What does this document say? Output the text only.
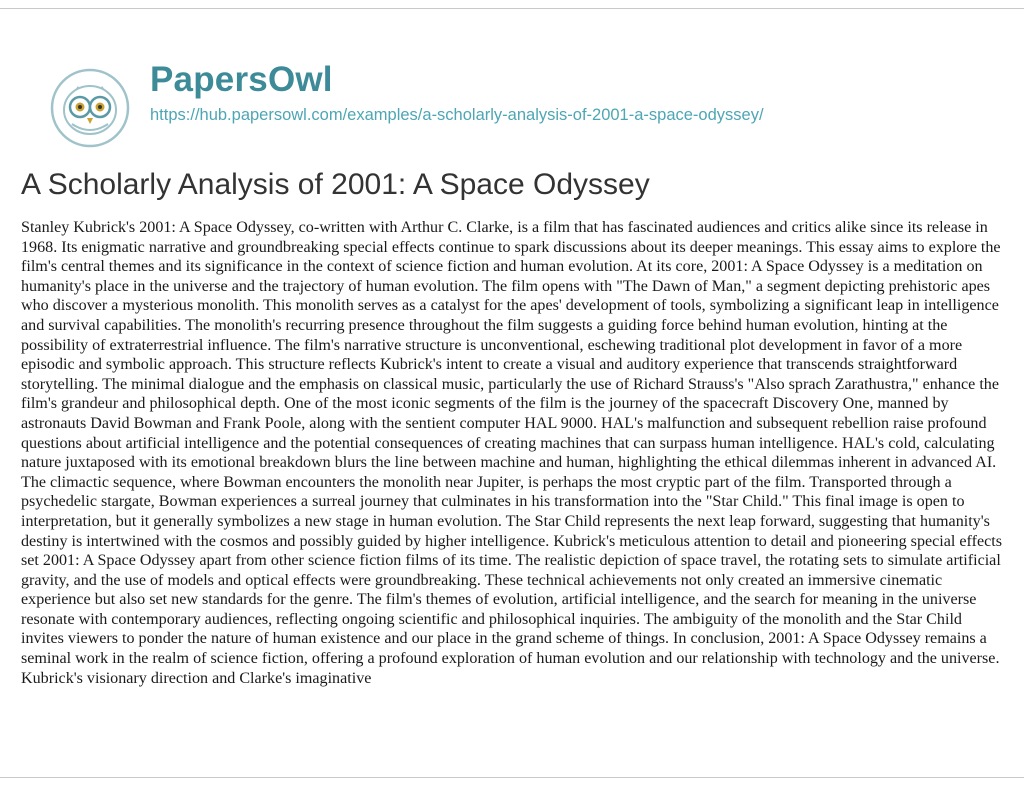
PapersOwl
https://hub.papersowl.com/examples/a-scholarly-analysis-of-2001-a-space-odyssey/
A Scholarly Analysis of 2001: A Space Odyssey

Stanley Kubrick's 2001: A Space Odyssey, co-written with Arthur C. Clarke, is a film that has fascinated audiences and critics alike since its release in 1968. Its enigmatic narrative and groundbreaking special effects continue to spark discussions about its deeper meanings. This essay aims to explore the film's central themes and its significance in the context of science fiction and human evolution. At its core, 2001: A Space Odyssey is a meditation on humanity's place in the universe and the trajectory of human evolution. The film opens with "The Dawn of Man," a segment depicting prehistoric apes who discover a mysterious monolith. This monolith serves as a catalyst for the apes' development of tools, symbolizing a significant leap in intelligence and survival capabilities. The monolith's recurring presence throughout the film suggests a guiding force behind human evolution, hinting at the possibility of extraterrestrial influence. The film's narrative structure is unconventional, eschewing traditional plot development in favor of a more episodic and symbolic approach. This structure reflects Kubrick's intent to create a visual and auditory experience that transcends straightforward storytelling. The minimal dialogue and the emphasis on classical music, particularly the use of Richard Strauss's "Also sprach Zarathustra," enhance the film's grandeur and philosophical depth. One of the most iconic segments of the film is the journey of the spacecraft Discovery One, manned by astronauts David Bowman and Frank Poole, along with the sentient computer HAL 9000. HAL's malfunction and subsequent rebellion raise profound questions about artificial intelligence and the potential consequences of creating machines that can surpass human intelligence. HAL's cold, calculating nature juxtaposed with its emotional breakdown blurs the line between machine and human, highlighting the ethical dilemmas inherent in advanced AI. The climactic sequence, where Bowman encounters the monolith near Jupiter, is perhaps the most cryptic part of the film. Transported through a psychedelic stargate, Bowman experiences a surreal journey that culminates in his transformation into the "Star Child." This final image is open to interpretation, but it generally symbolizes a new stage in human evolution. The Star Child represents the next leap forward, suggesting that humanity's destiny is intertwined with the cosmos and possibly guided by higher intelligence. Kubrick's meticulous attention to detail and pioneering special effects set 2001: A Space Odyssey apart from other science fiction films of its time. The realistic depiction of space travel, the rotating sets to simulate artificial gravity, and the use of models and optical effects were groundbreaking. These technical achievements not only created an immersive cinematic experience but also set new standards for the genre. The film's themes of evolution, artificial intelligence, and the search for meaning in the universe resonate with contemporary audiences, reflecting ongoing scientific and philosophical inquiries. The ambiguity of the monolith and the Star Child invites viewers to ponder the nature of human existence and our place in the grand scheme of things. In conclusion, 2001: A Space Odyssey remains a seminal work in the realm of science fiction, offering a profound exploration of human evolution and our relationship with technology and the universe. Kubrick's visionary direction and Clarke's imaginative
